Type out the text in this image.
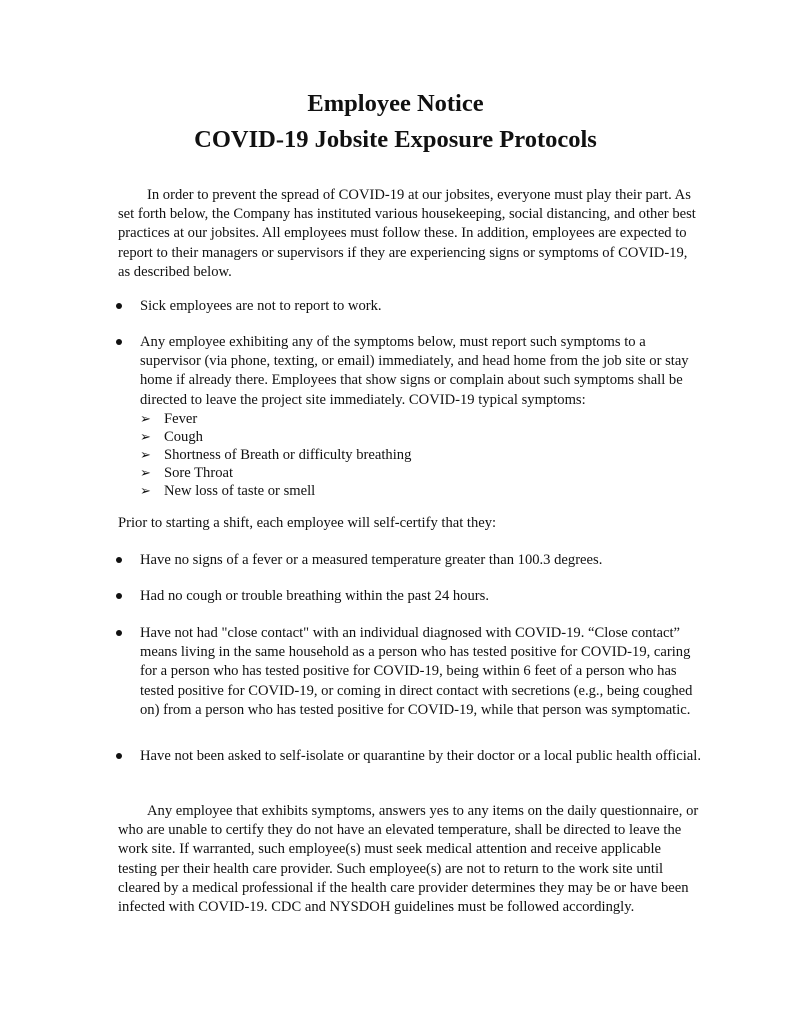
Employee Notice
COVID-19 Jobsite Exposure Protocols

In order to prevent the spread of COVID-19 at our jobsites, everyone must play their part. As set forth below, the Company has instituted various housekeeping, social distancing, and other best practices at our jobsites. All employees must follow these. In addition, employees are expected to report to their managers or supervisors if they are experiencing signs or symptoms of COVID-19, as described below.

Sick employees are not to report to work.

Any employee exhibiting any of the symptoms below, must report such symptoms to a supervisor (via phone, texting, or email) immediately, and head home from the job site or stay home if already there. Employees that show signs or complain about such symptoms shall be directed to leave the project site immediately. COVID-19 typical symptoms:

➢ Fever
➢ Cough
➢ Shortness of Breath or difficulty breathing
➢ Sore Throat
➢ New loss of taste or smell

Prior to starting a shift, each employee will self-certify that they:

Have no signs of a fever or a measured temperature greater than 100.3 degrees.

Had no cough or trouble breathing within the past 24 hours.

Have not had "close contact" with an individual diagnosed with COVID-19. “Close contact” means living in the same household as a person who has tested positive for COVID-19, caring for a person who has tested positive for COVID-19, being within 6 feet of a person who has tested positive for COVID-19, or coming in direct contact with secretions (e.g., being coughed on) from a person who has tested positive for COVID-19, while that person was symptomatic.

Have not been asked to self-isolate or quarantine by their doctor or a local public health official.

Any employee that exhibits symptoms, answers yes to any items on the daily questionnaire, or who are unable to certify they do not have an elevated temperature, shall be directed to leave the work site. If warranted, such employee(s) must seek medical attention and receive applicable testing per their health care provider. Such employee(s) are not to return to the work site until cleared by a medical professional if the health care provider determines they may be or have been infected with COVID-19. CDC and NYSDOH guidelines must be followed accordingly.
